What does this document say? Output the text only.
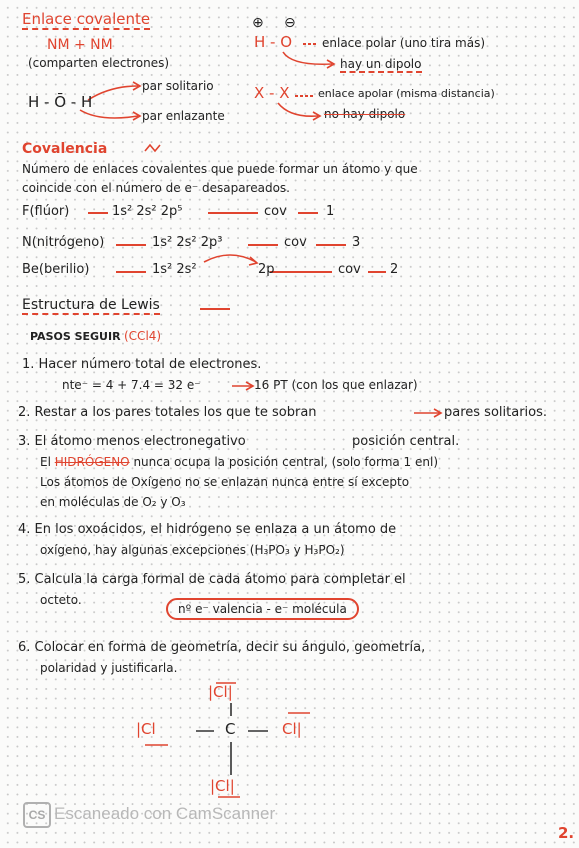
Enlace covalente
NM + NM
(comparten electrones)
⊕ ⊖
H - O enlace polar (uno tira más)
hay un dipolo
H - Ō - H
par solitario
par enlazante
X - X	enlace apolar (misma distancia)
no hay dipolo
Covalencia
Número de enlaces covalentes que puede formar un átomo y que
coincide con el número de e⁻ desapareados.
F(flúor)	1s² 2s² 2p⁵	cov	1
N(nitrógeno)	1s² 2s² 2p³	cov	3
Be(berilio)	1s² 2s²	2p	cov 2
Estructura de Lewis
PASOS SEGUIR (CCl4)
1. Hacer número total de electrones.
nte⁻ = 4 + 7.4 = 32 e⁻	16 PT (con los que enlazar)
2. Restar a los pares totales los que te sobran	pares solitarios.
3. El átomo menos electronegativo	posición central.
El HIDRÓGENO nunca ocupa la posición central, (solo forma 1 enl)
Los átomos de Oxígeno no se enlazan nunca entre sí excepto
en moléculas de O₂ y O₃
4. En los oxoácidos, el hidrógeno se enlaza a un átomo de
oxígeno, hay algunas excepciones (H₃PO₃ y H₃PO₂)
5. Calcula la carga formal de cada átomo para completar el
octeto.
nº e⁻ valencia - e⁻ molécula
6. Colocar en forma de geometría, decir su ángulo, geometría,
polaridad y justificarla.
|Cl|
|Cl	C	Cl|
|Cl|
CS Escaneado con CamScanner
2.
